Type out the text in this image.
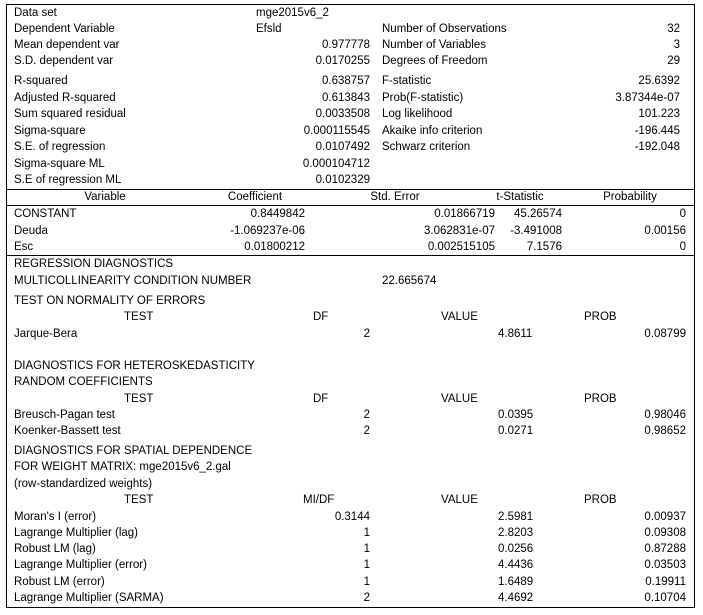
Data set	mge2015v6_2
Dependent Variable	Efsld
Mean dependent var	0.977778
S.D. dependent var	0.0170255
Number of Observations	32
Number of Variables	3
Degrees of Freedom	29
R-squared	0.638757
Adjusted R-squared	0.613843
Sum squared residual	0.0033508
Sigma-square	0.000115545
S.E. of regression	0.0107492
Sigma-square ML	0.000104712
S.E of regression ML	0.0102329
F-statistic	25.6392
Prob(F-statistic)	3.87344e-07
Log likelihood	101.223
Akaike info criterion	-196.445
Schwarz criterion	-192.048
Variable	Coefficient	Std. Error	t-Statistic	Probability
CONSTANT	0.8449842	0.01866719	45.26574	0
Deuda	-1.069237e-06	3.062831e-07	-3.491008	0.00156
Esc	0.01800212	0.002515105	7.1576	0
REGRESSION DIAGNOSTICS
MULTICOLLINEARITY CONDITION NUMBER	22.665674
TEST ON NORMALITY OF ERRORS
TEST	DF	VALUE	PROB
Jarque-Bera	2	4.8611	0.08799
DIAGNOSTICS FOR HETEROSKEDASTICITY
RANDOM COEFFICIENTS
TEST	DF	VALUE	PROB
Breusch-Pagan test	2	0.0395	0.98046
Koenker-Bassett test	2	0.0271	0.98652
DIAGNOSTICS FOR SPATIAL DEPENDENCE
FOR WEIGHT MATRIX: mge2015v6_2.gal
(row-standardized weights)
TEST	MI/DF	VALUE	PROB
Moran's I (error)	0.3144	2.5981	0.00937
Lagrange Multiplier (lag)	1	2.8203	0.09308
Robust LM (lag)	1	0.0256	0.87288
Lagrange Multiplier (error)	1	4.4436	0.03503
Robust LM (error)	1	1.6489	0.19911
Lagrange Multiplier (SARMA)	2	4.4692	0.10704
